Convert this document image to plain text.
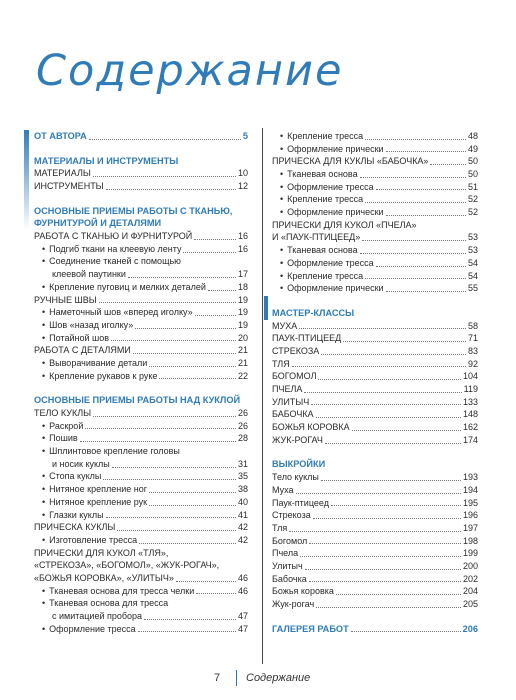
Содержание
ОТ АВТОРА	5
МАТЕРИАЛЫ И ИНСТРУМЕНТЫ
МАТЕРИАЛЫ	10
ИНСТРУМЕНТЫ	12
ОСНОВНЫЕ ПРИЕМЫ РАБОТЫ С ТКАНЬЮ,
ФУРНИТУРОЙ И ДЕТАЛЯМИ
РАБОТА С ТКАНЬЮ И ФУРНИТУРОЙ	16
• Подгиб ткани на клеевую ленту	16
• Соединение тканей с помощью
клеевой паутинки	17
• Крепление пуговиц и мелких деталей	18
РУЧНЫЕ ШВЫ	19
• Наметочный шов «вперед иголку»	19
• Шов «назад иголку»	19
• Потайной шов	20
РАБОТА С ДЕТАЛЯМИ	21
• Выворачивание детали	21
• Крепление рукавов к руке	22
ОСНОВНЫЕ ПРИЕМЫ РАБОТЫ НАД КУКЛОЙ
ТЕЛО КУКЛЫ	26
• Раскрой	26
• Пошив	28
• Шплинтовое крепление головы
и носик куклы	31
• Стопа куклы	35
• Нитяное крепление ног	38
• Нитяное крепление рук	40
• Глазки куклы	41
ПРИЧЕСКА КУКЛЫ	42
• Изготовление тресса	42
ПРИЧЕСКИ ДЛЯ КУКОЛ «ТЛЯ»,
«СТРЕКОЗА», «БОГОМОЛ», «ЖУК-РОГАЧ»,
«БОЖЬЯ КОРОВКА», «УЛИТЫЧ»	46
• Тканевая основа для тресса челки	46
• Тканевая основа для тресса
с имитацией пробора	47
• Оформление тресса	47
• Крепление тресса	48
• Оформление прически	49
ПРИЧЕСКА ДЛЯ КУКЛЫ «БАБОЧКА»	50
• Тканевая основа	50
• Оформление тресса	51
• Крепление тресса	52
• Оформление прически	52
ПРИЧЕСКИ ДЛЯ КУКОЛ «ПЧЕЛА»
И «ПАУК-ПТИЦЕЕД»	53
• Тканевая основа	53
• Оформление тресса	54
• Крепление тресса	54
• Оформление прически	55
МАСТЕР-КЛАССЫ
МУХА	58
ПАУК-ПТИЦЕЕД	71
СТРЕКОЗА	83
ТЛЯ	92
БОГОМОЛ	104
ПЧЕЛА	119
УЛИТЫЧ	133
БАБОЧКА	148
БОЖЬЯ КОРОВКА	162
ЖУК-РОГАЧ	174
ВЫКРОЙКИ
Тело куклы	193
Муха	194
Паук-птицеед	195
Стрекоза	196
Тля	197
Богомол	198
Пчела	199
Улитыч	200
Бабочка	202
Божья коровка	204
Жук-рогач	205
ГАЛЕРЕЯ РАБОТ	206
7 Содержание
